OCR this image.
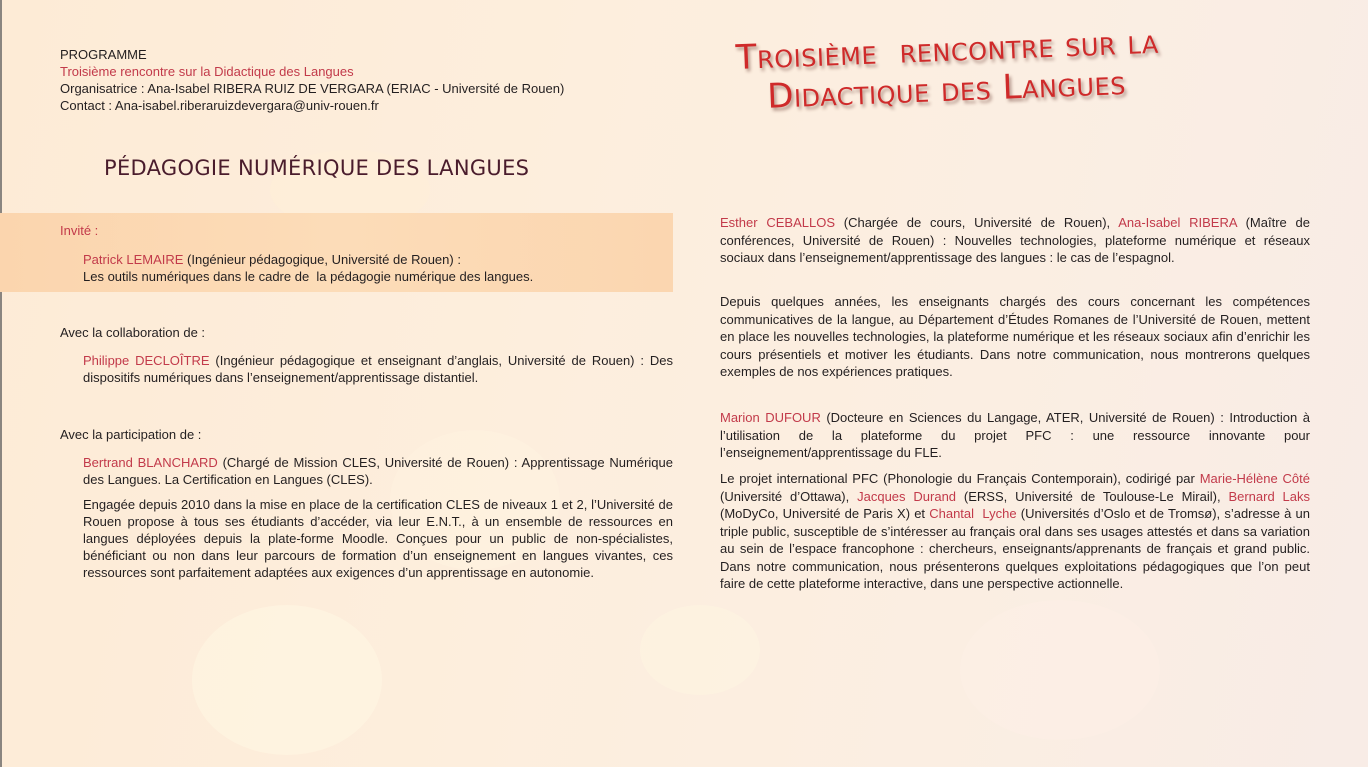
PROGRAMME
Troisième rencontre sur la Didactique des Langues
Organisatrice : Ana-Isabel RIBERA RUIZ DE VERGARA (ERIAC - Université de Rouen)
Contact : Ana-isabel.riberaruizdevergara@univ-rouen.fr
Troisième  rencontre sur la
Didactique des Langues
PÉDAGOGIE NUMÉRIQUE DES LANGUES
Invité :
Patrick LEMAIRE (Ingénieur pédagogique, Université de Rouen) :
Les outils numériques dans le cadre de  la pédagogie numérique des langues.
Avec la collaboration de :
Philippe DECLOÎTRE (Ingénieur pédagogique et enseignant d’anglais, Université de Rouen) : Des dispositifs numériques dans l’enseignement/apprentissage distantiel.
Avec la participation de :
Bertrand BLANCHARD (Chargé de Mission CLES, Université de Rouen) : Apprentissage Numérique des Langues. La Certification en Langues (CLES).

Engagée depuis 2010 dans la mise en place de la certification CLES de niveaux 1 et 2, l’Université de Rouen propose à tous ses étudiants d’accéder, via leur E.N.T., à un ensemble de ressources en langues déployées depuis la plate-forme Moodle. Conçues pour un public de non-spécialistes, bénéficiant ou non dans leur parcours de formation d’un enseignement en langues vivantes, ces ressources sont parfaitement adaptées aux exigences d’un apprentissage en autonomie.

Esther CEBALLOS (Chargée de cours, Université de Rouen), Ana-Isabel RIBERA (Maître de conférences, Université de Rouen) : Nouvelles technologies, plateforme numérique et réseaux sociaux dans l’enseignement/apprentissage des langues : le cas de l’espagnol.

Depuis quelques années, les enseignants chargés des cours concernant les compétences communicatives de la langue, au Département d’Études Romanes de l’Université de Rouen, mettent en place les nouvelles technologies, la plateforme numérique et les réseaux sociaux afin d’enrichir les cours présentiels et motiver les étudiants. Dans notre communication, nous montrerons quelques exemples de nos expériences pratiques.

Marion DUFOUR (Docteure en Sciences du Langage, ATER, Université de Rouen) : Introduction à l’utilisation de la plateforme du projet PFC : une ressource innovante pour l’enseignement/apprentissage du FLE.

Le projet international PFC (Phonologie du Français Contemporain), codirigé par Marie-Hélène Côté (Université d’Ottawa), Jacques Durand (ERSS, Université de Toulouse-Le Mirail), Bernard Laks (MoDyCo, Université de Paris X) et Chantal  Lyche (Universités d’Oslo et de Tromsø), s’adresse à un triple public, susceptible de s’intéresser au français oral dans ses usages attestés et dans sa variation au sein de l’espace francophone : chercheurs, enseignants/apprenants de français et grand public. Dans notre communication, nous présenterons quelques exploitations pédagogiques que l’on peut faire de cette plateforme interactive, dans une perspective actionnelle.
